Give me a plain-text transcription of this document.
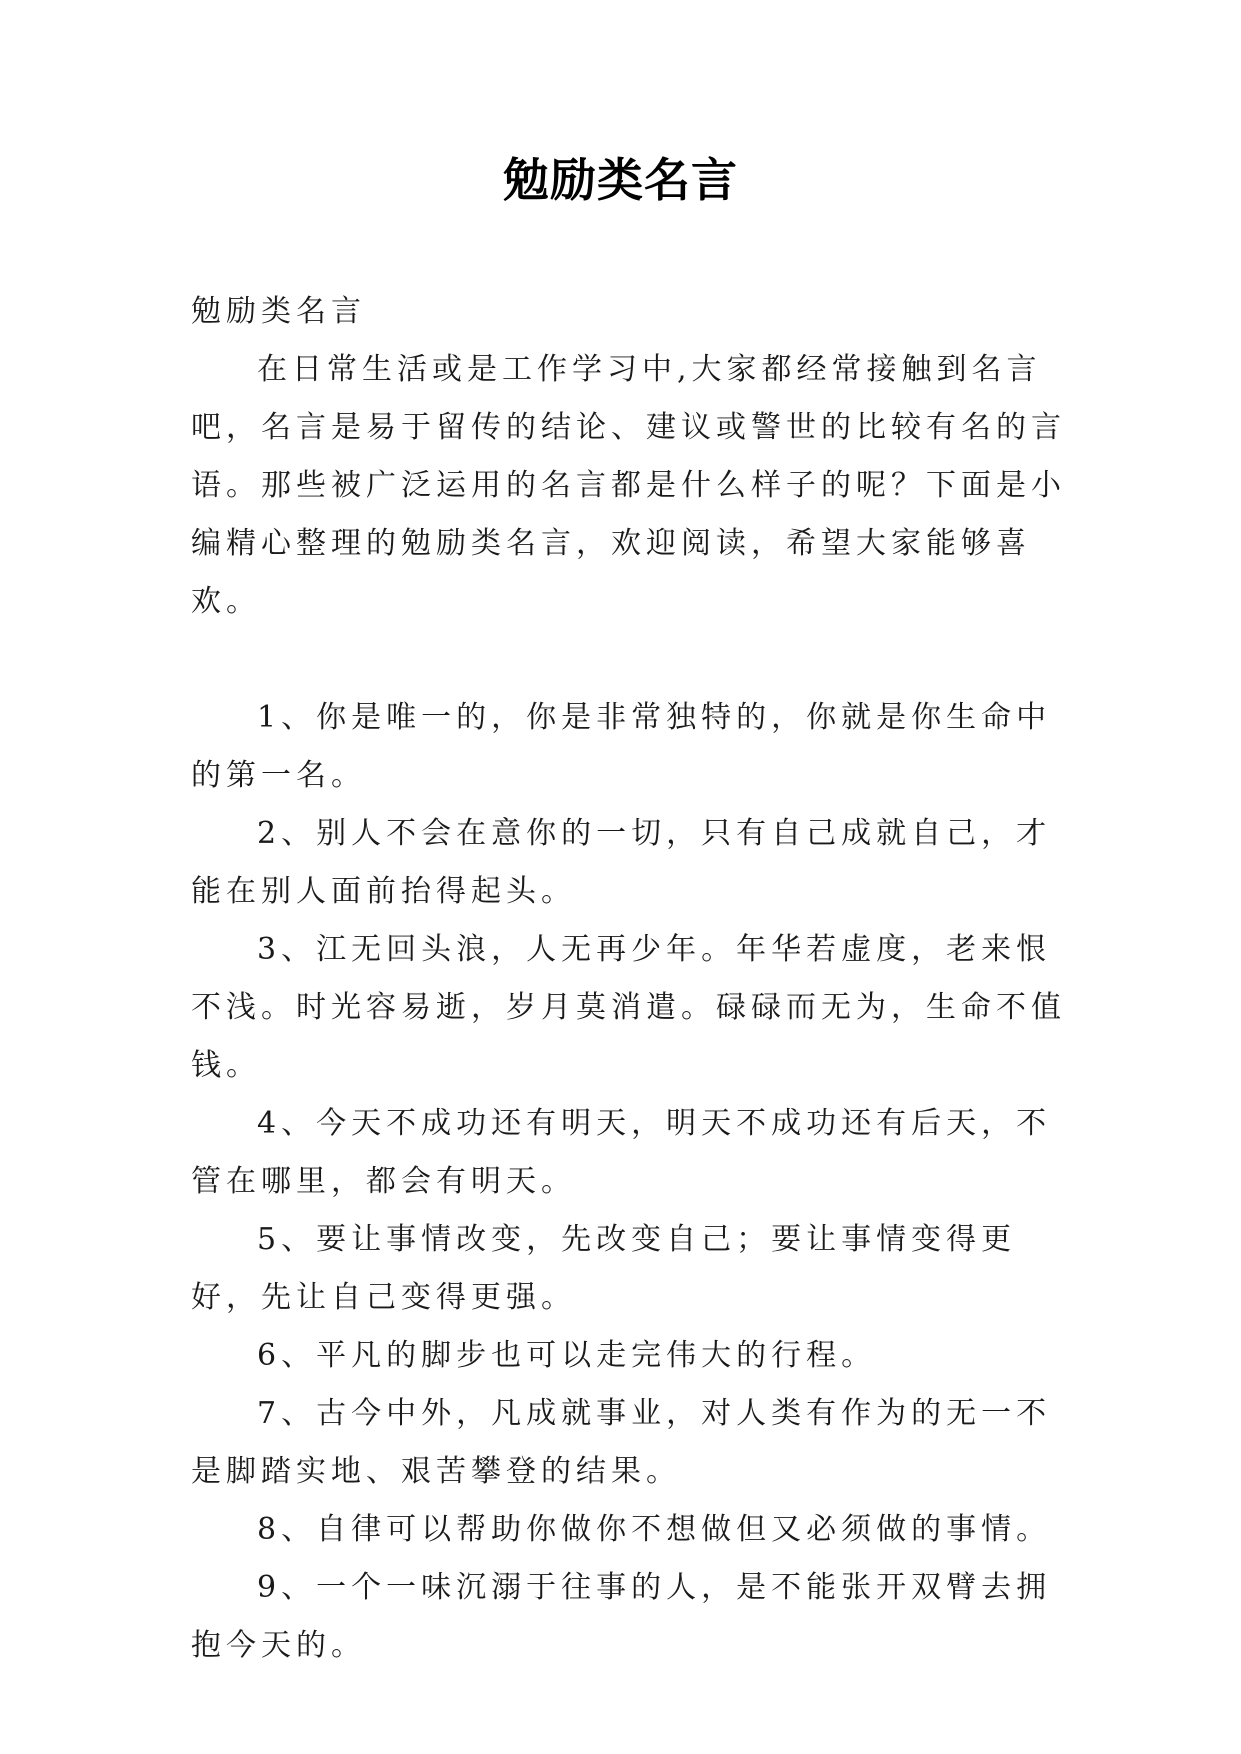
勉励类名言

勉励类名言

在日常生活或是工作学习中,大家都经常接触到名言吧，名言是易于留传的结论、建议或警世的比较有名的言语。那些被广泛运用的名言都是什么样子的呢？下面是小编精心整理的勉励类名言，欢迎阅读，希望大家能够喜欢。

1、你是唯一的，你是非常独特的，你就是你生命中的第一名。

2、别人不会在意你的一切，只有自己成就自己，才能在别人面前抬得起头。

3、江无回头浪，人无再少年。年华若虚度，老来恨不浅。时光容易逝，岁月莫消遣。碌碌而无为，生命不值钱。

4、今天不成功还有明天，明天不成功还有后天，不管在哪里，都会有明天。

5、要让事情改变，先改变自己；要让事情变得更好，先让自己变得更强。

6、平凡的脚步也可以走完伟大的行程。

7、古今中外，凡成就事业，对人类有作为的无一不是脚踏实地、艰苦攀登的结果。

8、自律可以帮助你做你不想做但又必须做的事情。

9、一个一味沉溺于往事的人，是不能张开双臂去拥抱今天的。
